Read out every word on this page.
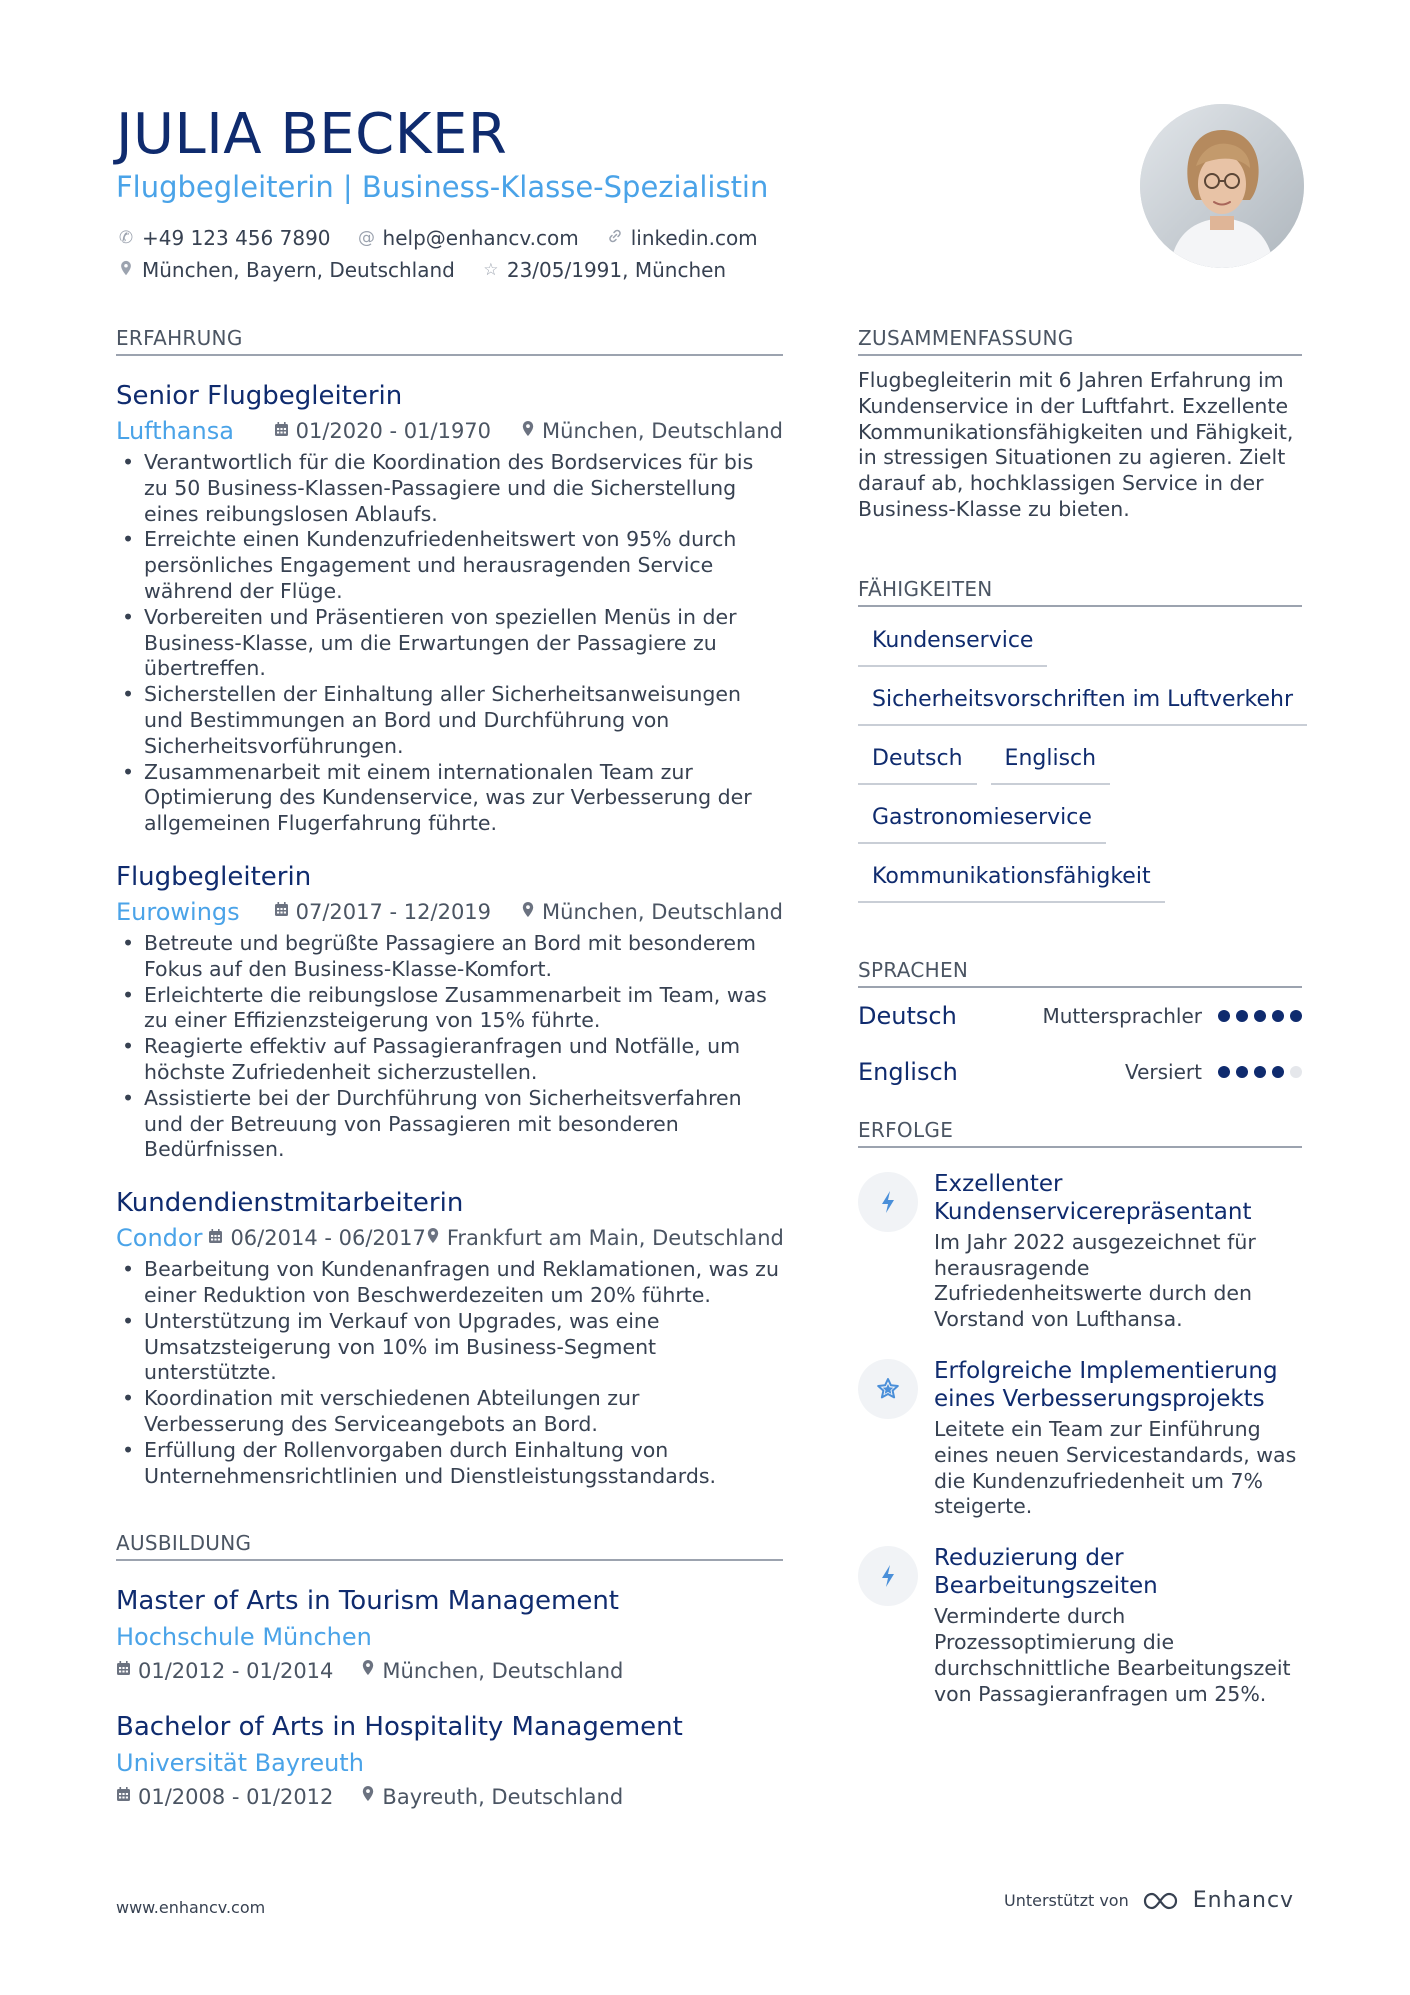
JULIA BECKER
Flugbegleiterin | Business-Klasse-Spezialistin
✆ +49 123 456 7890 @ help@enhancv.com	linkedin.com
München, Bayern, Deutschland ☆ 23/05/1991, München
ERFAHRUNG
Senior Flugbegleiterin
Lufthansa	01/2020 - 01/1970 München, Deutschland
• Verantwortlich für die Koordination des Bordservices für bis zu 50 Business-Klassen-Passagiere und die Sicherstellung eines reibungslosen Ablaufs.
• Erreichte einen Kundenzufriedenheitswert von 95% durch persönliches Engagement und herausragenden Service während der Flüge.
• Vorbereiten und Präsentieren von speziellen Menüs in der Business-Klasse, um die Erwartungen der Passagiere zu übertreffen.
• Sicherstellen der Einhaltung aller Sicherheitsanweisungen und Bestimmungen an Bord und Durchführung von Sicherheitsvorführungen.
• Zusammenarbeit mit einem internationalen Team zur Optimierung des Kundenservice, was zur Verbesserung der allgemeinen Flugerfahrung führte.
Flugbegleiterin
Eurowings	07/2017 - 12/2019 München, Deutschland
• Betreute und begrüßte Passagiere an Bord mit besonderem Fokus auf den Business-Klasse-Komfort.
• Erleichterte die reibungslose Zusammenarbeit im Team, was zu einer Effizienzsteigerung von 15% führte.
• Reagierte effektiv auf Passagieranfragen und Notfälle, um höchste Zufriedenheit sicherzustellen.
• Assistierte bei der Durchführung von Sicherheitsverfahren und der Betreuung von Passagieren mit besonderen Bedürfnissen.
Kundendienstmitarbeiterin
Condor 06/2014 - 06/2017 Frankfurt am Main, Deutschland
• Bearbeitung von Kundenanfragen und Reklamationen, was zu einer Reduktion von Beschwerdezeiten um 20% führte.
• Unterstützung im Verkauf von Upgrades, was eine Umsatzsteigerung von 10% im Business-Segment unterstützte.
• Koordination mit verschiedenen Abteilungen zur Verbesserung des Serviceangebots an Bord.
• Erfüllung der Rollenvorgaben durch Einhaltung von Unternehmensrichtlinien und Dienstleistungsstandards.
AUSBILDUNG
Master of Arts in Tourism Management
Hochschule München
01/2012 - 01/2014 München, Deutschland
Bachelor of Arts in Hospitality Management
Universität Bayreuth
01/2008 - 01/2012 Bayreuth, Deutschland
ZUSAMMENFASSUNG

Flugbegleiterin mit 6 Jahren Erfahrung im Kundenservice in der Luftfahrt. Exzellente Kommunikationsfähigkeiten und Fähigkeit, in stressigen Situationen zu agieren. Zielt darauf ab, hochklassigen Service in der Business-Klasse zu bieten.

FÄHIGKEITEN
Kundenservice
Sicherheitsvorschriften im Luftverkehr
Deutsch	Englisch
Gastronomieservice
Kommunikationsfähigkeit
SPRACHEN
Deutsch	Muttersprachler
Englisch	Versiert
ERFOLGE
Exzellenter Kundenservicerepräsentant
Im Jahr 2022 ausgezeichnet für herausragende Zufriedenheitswerte durch den Vorstand von Lufthansa.
Erfolgreiche Implementierung eines Verbesserungsprojekts
Leitete ein Team zur Einführung eines neuen Servicestandards, was die Kundenzufriedenheit um 7% steigerte.
Reduzierung der Bearbeitungszeiten
Verminderte durch Prozessoptimierung die durchschnittliche Bearbeitungszeit von Passagieranfragen um 25%.
www.enhancv.com	Unterstützt von	Enhancv
